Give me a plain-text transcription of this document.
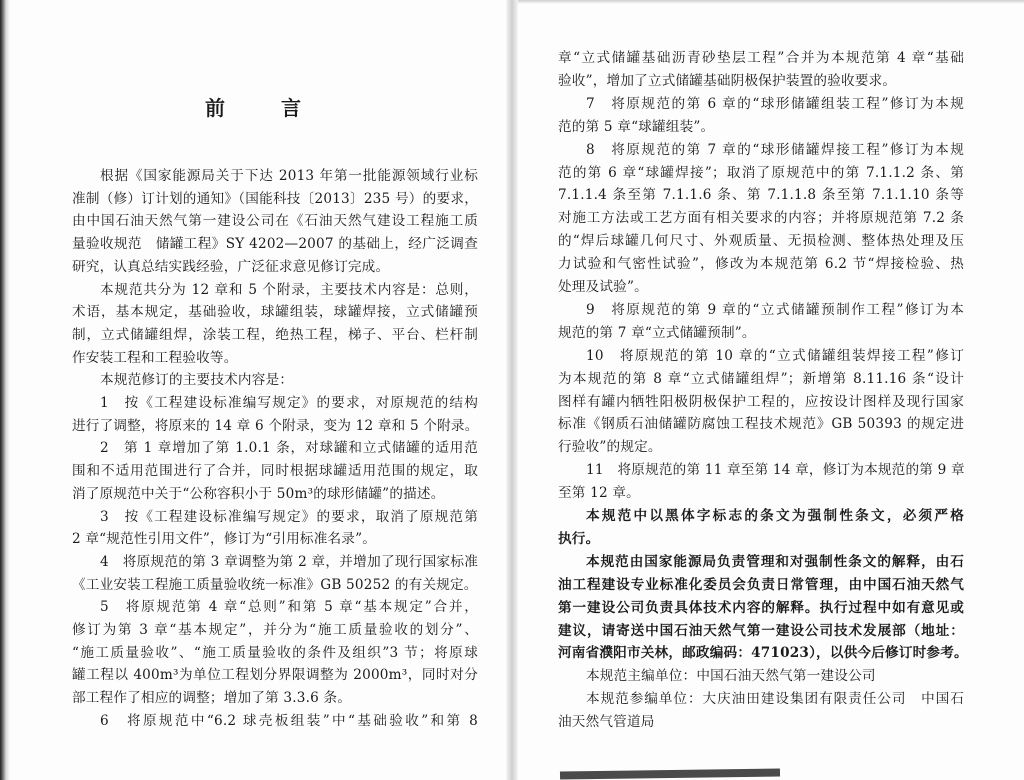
前	言
根据《国家能源局关于下达 2013 年第一批能源领域行业标
准制（修）订计划的通知》（国能科技〔2013〕235 号）的要求，
由中国石油天然气第一建设公司在《石油天然气建设工程施工质
量验收规范　储罐工程》SY 4202—2007 的基础上，经广泛调查
研究，认真总结实践经验，广泛征求意见修订完成。
本规范共分为 12 章和 5 个附录，主要技术内容是：总则，
术语，基本规定，基础验收，球罐组装，球罐焊接，立式储罐预
制，立式储罐组焊，涂装工程，绝热工程，梯子、平台、栏杆制
作安装工程和工程验收等。
本规范修订的主要技术内容是：
1　按《工程建设标准编写规定》的要求，对原规范的结构
进行了调整，将原来的 14 章 6 个附录，变为 12 章和 5 个附录。
2　第 1 章增加了第 1.0.1 条，对球罐和立式储罐的适用范
围和不适用范围进行了合并，同时根据球罐适用范围的规定，取
消了原规范中关于“公称容积小于 50m³的球形储罐”的描述。
3　按《工程建设标准编写规定》的要求，取消了原规范第
2 章“规范性引用文件”，修订为“引用标准名录”。
4　将原规范的第 3 章调整为第 2 章，并增加了现行国家标准
《工业安装工程施工质量验收统一标准》GB 50252 的有关规定。
5　将原规范第 4 章“总则”和第 5 章“基本规定”合并，
修订为第 3 章“基本规定”，并分为“施工质量验收的划分”、
“施工质量验收”、“施工质量验收的条件及组织”3 节；将原球
罐工程以 400m³为单位工程划分界限调整为 2000m³，同时对分
部工程作了相应的调整；增加了第 3.3.6 条。
6　将原规范中“6.2 球壳板组装”中“基础验收”和第 8
章“立式储罐基础沥青砂垫层工程”合并为本规范第 4 章“基础
验收”，增加了立式储罐基础阴极保护装置的验收要求。
7　将原规范的第 6 章的“球形储罐组装工程”修订为本规
范的第 5 章“球罐组装”。
8　将原规范的第 7 章的“球形储罐焊接工程”修订为本规
范的第 6 章“球罐焊接”；取消了原规范中的第 7.1.1.2 条、第
7.1.1.4 条至第 7.1.1.6 条、第 7.1.1.8 条至第 7.1.1.10 条等
对施工方法或工艺方面有相关要求的内容；并将原规范第 7.2 条
的“焊后球罐几何尺寸、外观质量、无损检测、整体热处理及压
力试验和气密性试验”，修改为本规范第 6.2 节“焊接检验、热
处理及试验”。
9　将原规范的第 9 章的“立式储罐预制作工程”修订为本
规范的第 7 章“立式储罐预制”。
10　将原规范的第 10 章的“立式储罐组装焊接工程”修订
为本规范的第 8 章“立式储罐组焊”；新增第 8.11.16 条“设计
图样有罐内牺牲阳极阴极保护工程的，应按设计图样及现行国家
标准《钢质石油储罐防腐蚀工程技术规范》GB 50393 的规定进
行验收”的规定。
11　将原规范的第 11 章至第 14 章，修订为本规范的第 9 章
至第 12 章。
本规范中以黑体字标志的条文为强制性条文，必须严格
执行。
本规范由国家能源局负责管理和对强制性条文的解释，由石
油工程建设专业标准化委员会负责日常管理，由中国石油天然气
第一建设公司负责具体技术内容的解释。执行过程中如有意见或
建议，请寄送中国石油天然气第一建设公司技术发展部（地址：
河南省濮阳市关林，邮政编码：471023），以供今后修订时参考。
本规范主编单位：中国石油天然气第一建设公司
本规范参编单位：大庆油田建设集团有限责任公司　中国石
油天然气管道局
